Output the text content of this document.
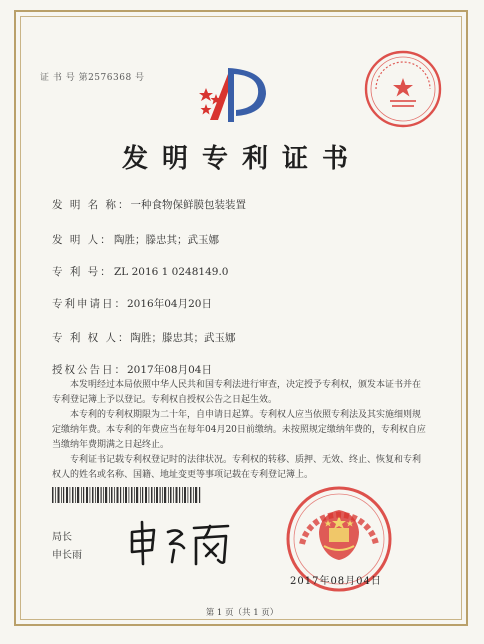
证 书 号 第2576368 号
发明专利证书
发 明 名 称：一种食物保鲜膜包装装置
发 明 人：陶胜；滕忠其；武玉娜
专 利 号：ZL 2016 1 0248149.0
专利申请日：2016年04月20日
专 利 权 人：陶胜；滕忠其；武玉娜
授权公告日：2017年08月04日

本发明经过本局依照中华人民共和国专利法进行审查，决定授予专利权，颁发本证书并在专利登记簿上予以登记。专利权自授权公告之日起生效。

本专利的专利权期限为二十年，自申请日起算。专利权人应当依照专利法及其实施细则规定缴纳年费。本专利的年费应当在每年04月20日前缴纳。未按照规定缴纳年费的，专利权自应当缴纳年费期满之日起终止。

专利证书记载专利权登记时的法律状况。专利权的转移、质押、无效、终止、恢复和专利权人的姓名或名称、国籍、地址变更等事项记载在专利登记簿上。

局长
申长雨
2017年08月04日
第 1 页（共 1 页）
